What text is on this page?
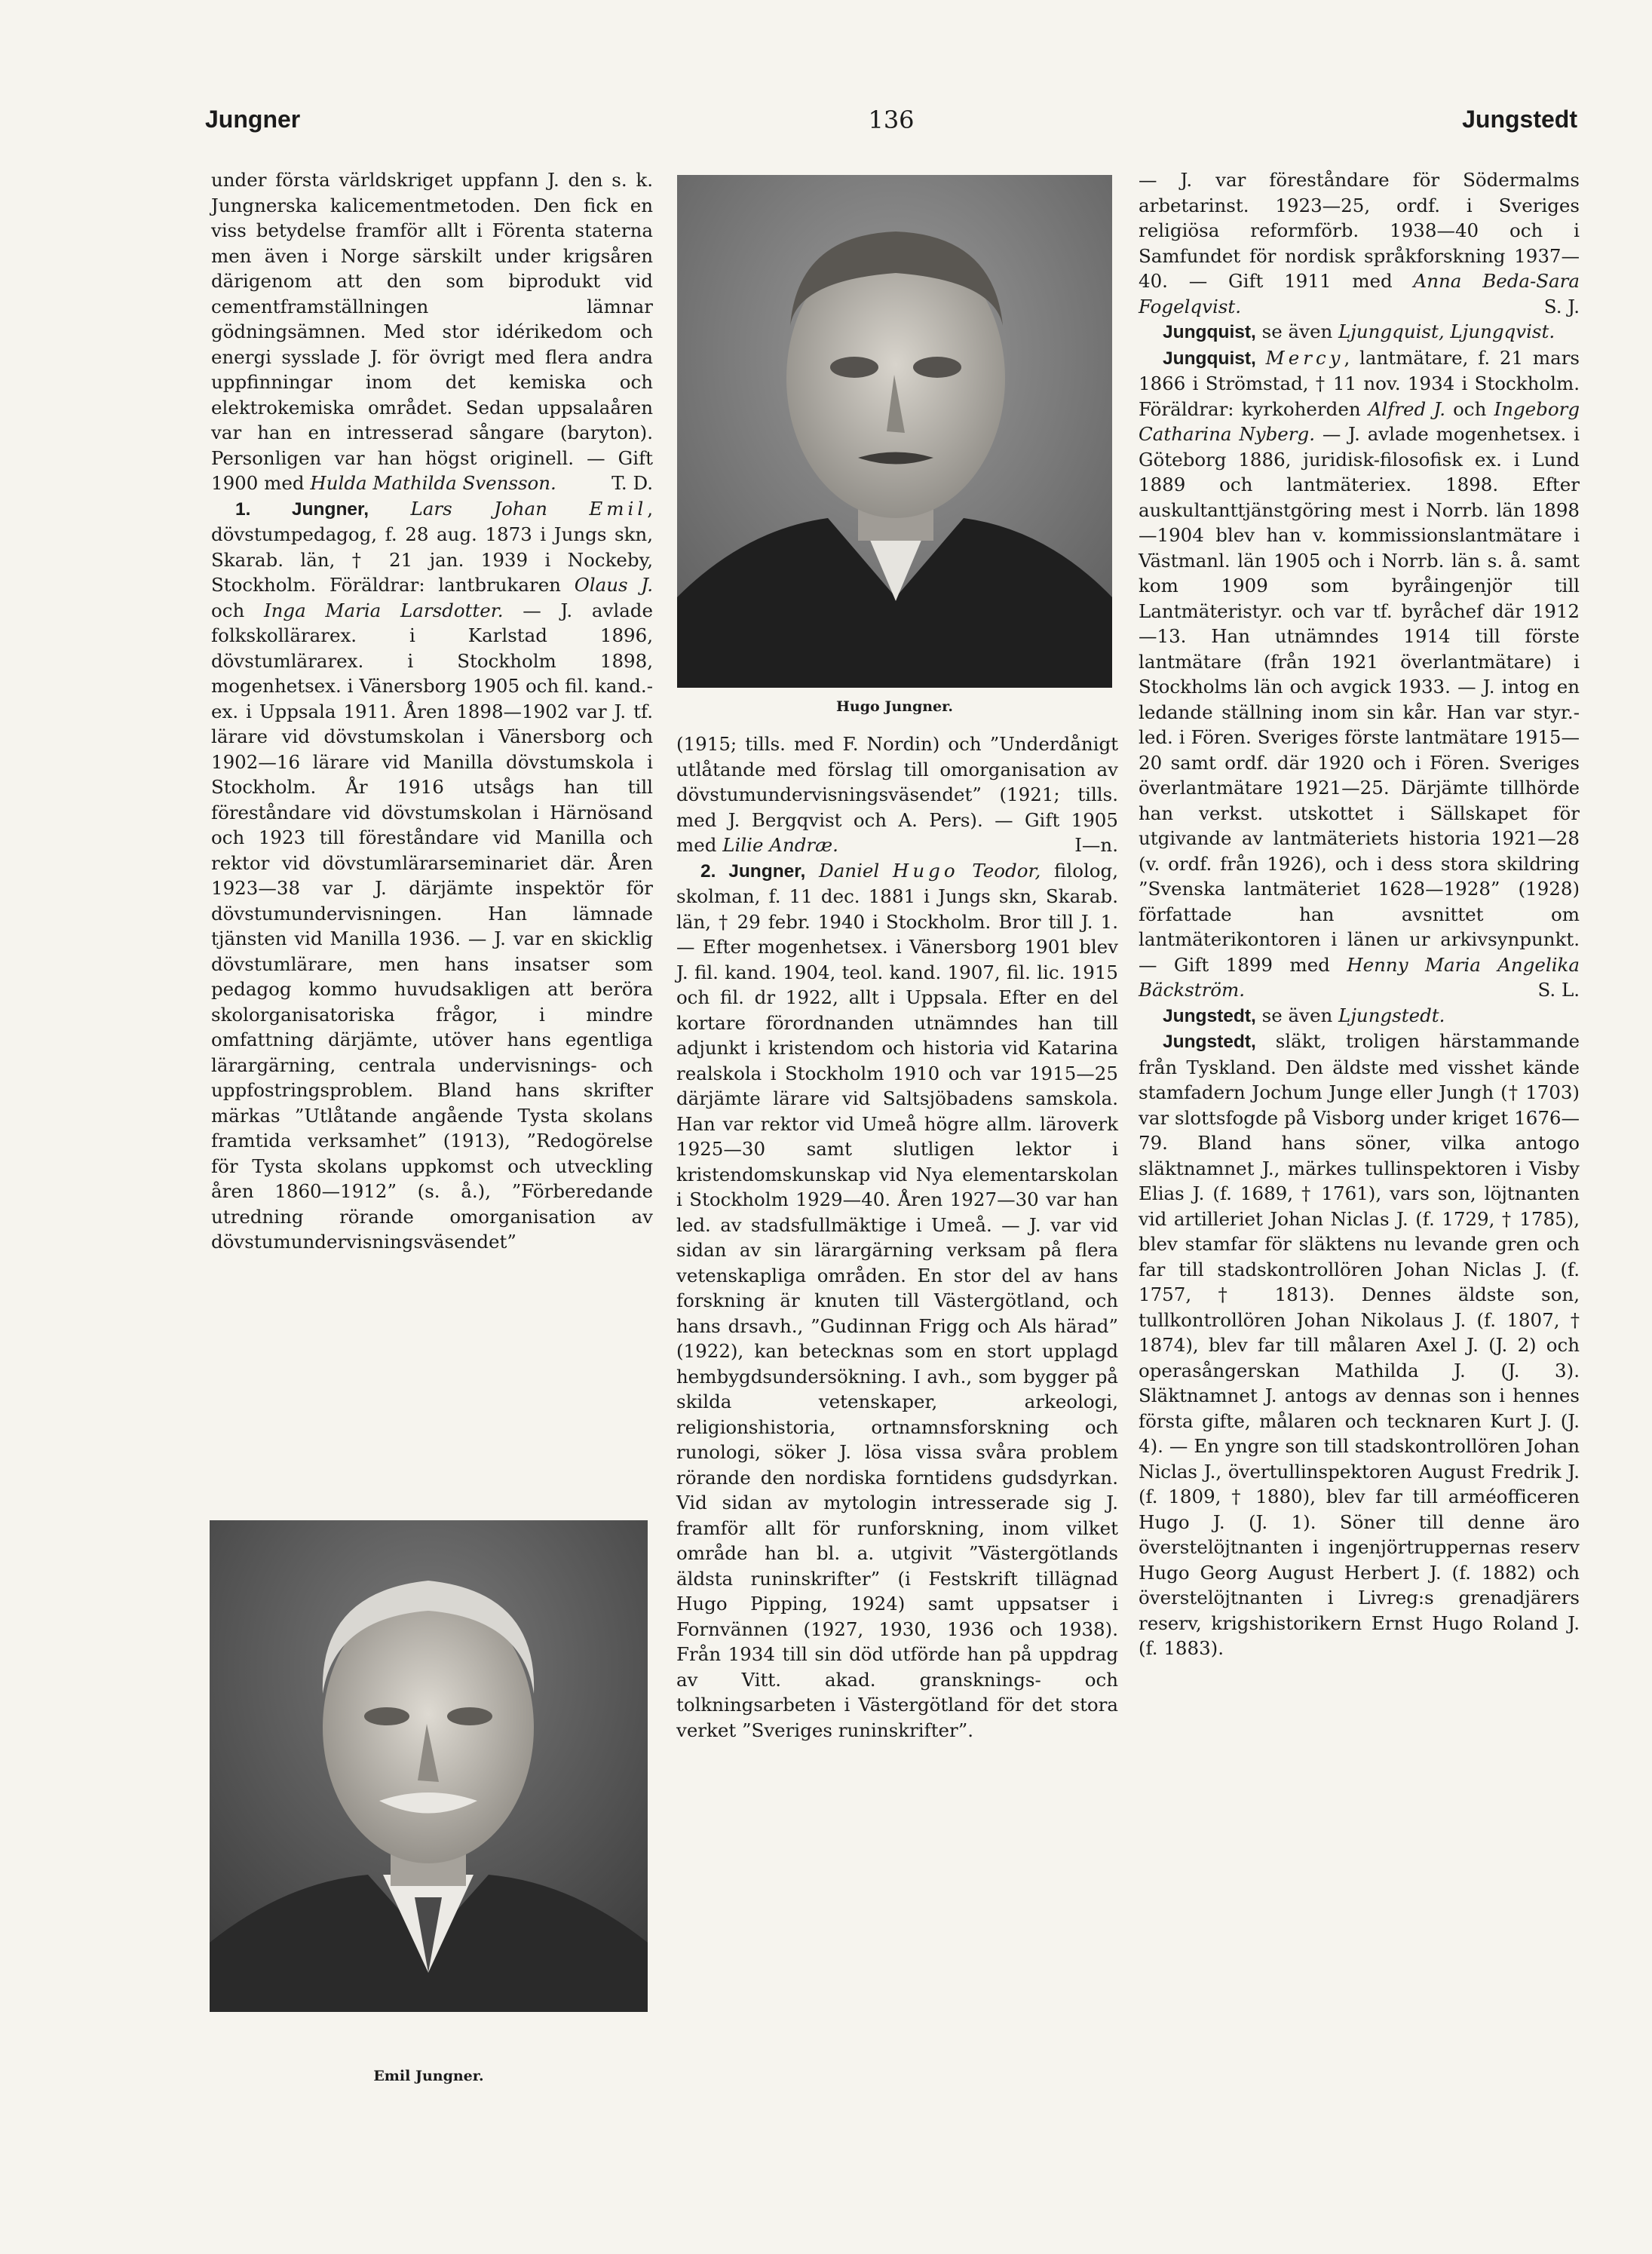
136
Jungner	Jungstedt

under första världskriget uppfann J. den s. k. Jungnerska kalicementmetoden. Den fick en viss betydelse framför allt i Förenta staterna men även i Norge särskilt under krigsåren därigenom att den som biprodukt vid cementframställningen lämnar gödningsämnen. Med stor idérikedom och energi sysslade J. för övrigt med flera andra uppfinningar inom det kemiska och elektrokemiska området. Sedan uppsalaåren var han en intresserad sångare (baryton). Personligen var han högst originell. — Gift 1900 med Hulda Mathilda Svensson.	T. D.

1. Jungner, Lars Johan Emil, dövstumpedagog, f. 28 aug. 1873 i Jungs skn, Skarab. län, † 21 jan. 1939 i Nockeby, Stockholm. Föräldrar: lantbrukaren Olaus J. och Inga Maria Larsdotter. — J. avlade folkskollärarex. i Karlstad 1896, dövstumlärarex. i Stockholm 1898, mogenhetsex. i Vänersborg 1905 och fil. kand.-ex. i Uppsala 1911. Åren 1898—1902 var J. tf. lärare vid dövstumskolan i Vänersborg och 1902—16 lärare vid Manilla dövstumskola i Stockholm. År 1916 utsågs han till föreståndare vid dövstumskolan i Härnösand och 1923 till föreståndare vid Manilla och rektor vid dövstumlärarseminariet där. Åren 1923—38 var J. därjämte inspektör för dövstumundervisningen. Han lämnade tjänsten vid Manilla 1936. — J. var en skicklig dövstumlärare, men hans insatser som pedagog kommo huvudsakligen att beröra skolorganisatoriska frågor, i mindre omfattning därjämte, utöver hans egentliga lärargärning, centrala undervisnings- och uppfostringsproblem. Bland hans skrifter märkas ”Utlåtande angående Tysta skolans framtida verksamhet” (1913), ”Redogörelse för Tysta skolans uppkomst och utveckling åren 1860—1912” (s. å.), ”Förberedande utredning rörande omorganisation av dövstumundervisningsväsendet”

Hugo Jungner.

(1915; tills. med F. Nordin) och ”Underdånigt utlåtande med förslag till omorganisation av dövstumundervisningsväsendet” (1921; tills. med J. Bergqvist och A. Pers). — Gift 1905 med Lilie Andræ.	I—n.

2. Jungner, Daniel Hugo Teodor, filolog, skolman, f. 11 dec. 1881 i Jungs skn, Skarab. län, † 29 febr. 1940 i Stockholm. Bror till J. 1. — Efter mogenhetsex. i Vänersborg 1901 blev J. fil. kand. 1904, teol. kand. 1907, fil. lic. 1915 och fil. dr 1922, allt i Uppsala. Efter en del kortare förordnanden utnämndes han till adjunkt i kristendom och historia vid Katarina realskola i Stockholm 1910 och var 1915—25 därjämte lärare vid Saltsjöbadens samskola. Han var rektor vid Umeå högre allm. läroverk 1925—30 samt slutligen lektor i kristendomskunskap vid Nya elementarskolan i Stockholm 1929—40. Åren 1927—30 var han led. av stadsfullmäktige i Umeå. — J. var vid sidan av sin lärargärning verksam på flera vetenskapliga områden. En stor del av hans forskning är knuten till Västergötland, och hans drsavh., ”Gudinnan Frigg och Als härad” (1922), kan betecknas som en stort upplagd hembygdsundersökning. I avh., som bygger på skilda vetenskaper, arkeologi, religionshistoria, ortnamnsforskning och runologi, söker J. lösa vissa svåra problem rörande den nordiska forntidens gudsdyrkan. Vid sidan av mytologin intresserade sig J. framför allt för runforskning, inom vilket område han bl. a. utgivit ”Västergötlands äldsta runinskrifter” (i Festskrift tillägnad Hugo Pipping, 1924) samt uppsatser i Fornvännen (1927, 1930, 1936 och 1938). Från 1934 till sin död utförde han på uppdrag av Vitt. akad. gransknings- och tolkningsarbeten i Västergötland för det stora verket ”Sveriges runinskrifter”.

Emil Jungner.

— J. var föreståndare för Södermalms arbetarinst. 1923—25, ordf. i Sveriges religiösa reformförb. 1938—40 och i Samfundet för nordisk språkforskning 1937—40. — Gift 1911 med Anna Beda-Sara Fogelqvist.	S. J.

Jungquist, se även Ljungquist, Ljungqvist.

Jungquist, Mercy, lantmätare, f. 21 mars 1866 i Strömstad, † 11 nov. 1934 i Stockholm. Föräldrar: kyrkoherden Alfred J. och Ingeborg Catharina Nyberg. — J. avlade mogenhetsex. i Göteborg 1886, juridisk-filosofisk ex. i Lund 1889 och lantmäteriex. 1898. Efter auskultanttjänstgöring mest i Norrb. län 1898—1904 blev han v. kommissionslantmätare i Västmanl. län 1905 och i Norrb. län s. å. samt kom 1909 som byråingenjör till Lantmäteristyr. och var tf. byråchef där 1912—13. Han utnämndes 1914 till förste lantmätare (från 1921 överlantmätare) i Stockholms län och avgick 1933. — J. intog en ledande ställning inom sin kår. Han var styr.-led. i Fören. Sveriges förste lantmätare 1915—20 samt ordf. där 1920 och i Fören. Sveriges överlantmätare 1921—25. Därjämte tillhörde han verkst. utskottet i Sällskapet för utgivande av lantmäteriets historia 1921—28 (v. ordf. från 1926), och i dess stora skildring ”Svenska lantmäteriet 1628—1928” (1928) författade han avsnittet om lantmäterikontoren i länen ur arkivsynpunkt. — Gift 1899 med Henny Maria Angelika Bäckström.	S. L.

Jungstedt, se även Ljungstedt.

Jungstedt, släkt, troligen härstammande från Tyskland. Den äldste med visshet kände stamfadern Jochum Junge eller Jungh († 1703) var slottsfogde på Visborg under kriget 1676—79. Bland hans söner, vilka antogo släktnamnet J., märkes tullinspektoren i Visby Elias J. (f. 1689, † 1761), vars son, löjtnanten vid artilleriet Johan Niclas J. (f. 1729, † 1785), blev stamfar för släktens nu levande gren och far till stadskontrollören Johan Niclas J. (f. 1757, † 1813). Dennes äldste son, tullkontrollören Johan Nikolaus J. (f. 1807, † 1874), blev far till målaren Axel J. (J. 2) och operasångerskan Mathilda J. (J. 3). Släktnamnet J. antogs av dennas son i hennes första gifte, målaren och tecknaren Kurt J. (J. 4). — En yngre son till stadskontrollören Johan Niclas J., övertullinspektoren August Fredrik J. (f. 1809, † 1880), blev far till arméofficeren Hugo J. (J. 1). Söner till denne äro överstelöjtnanten i ingenjörtruppernas reserv Hugo Georg August Herbert J. (f. 1882) och överstelöjtnanten i Livreg:s grenadjärers reserv, krigshistorikern Ernst Hugo Roland J. (f. 1883).
